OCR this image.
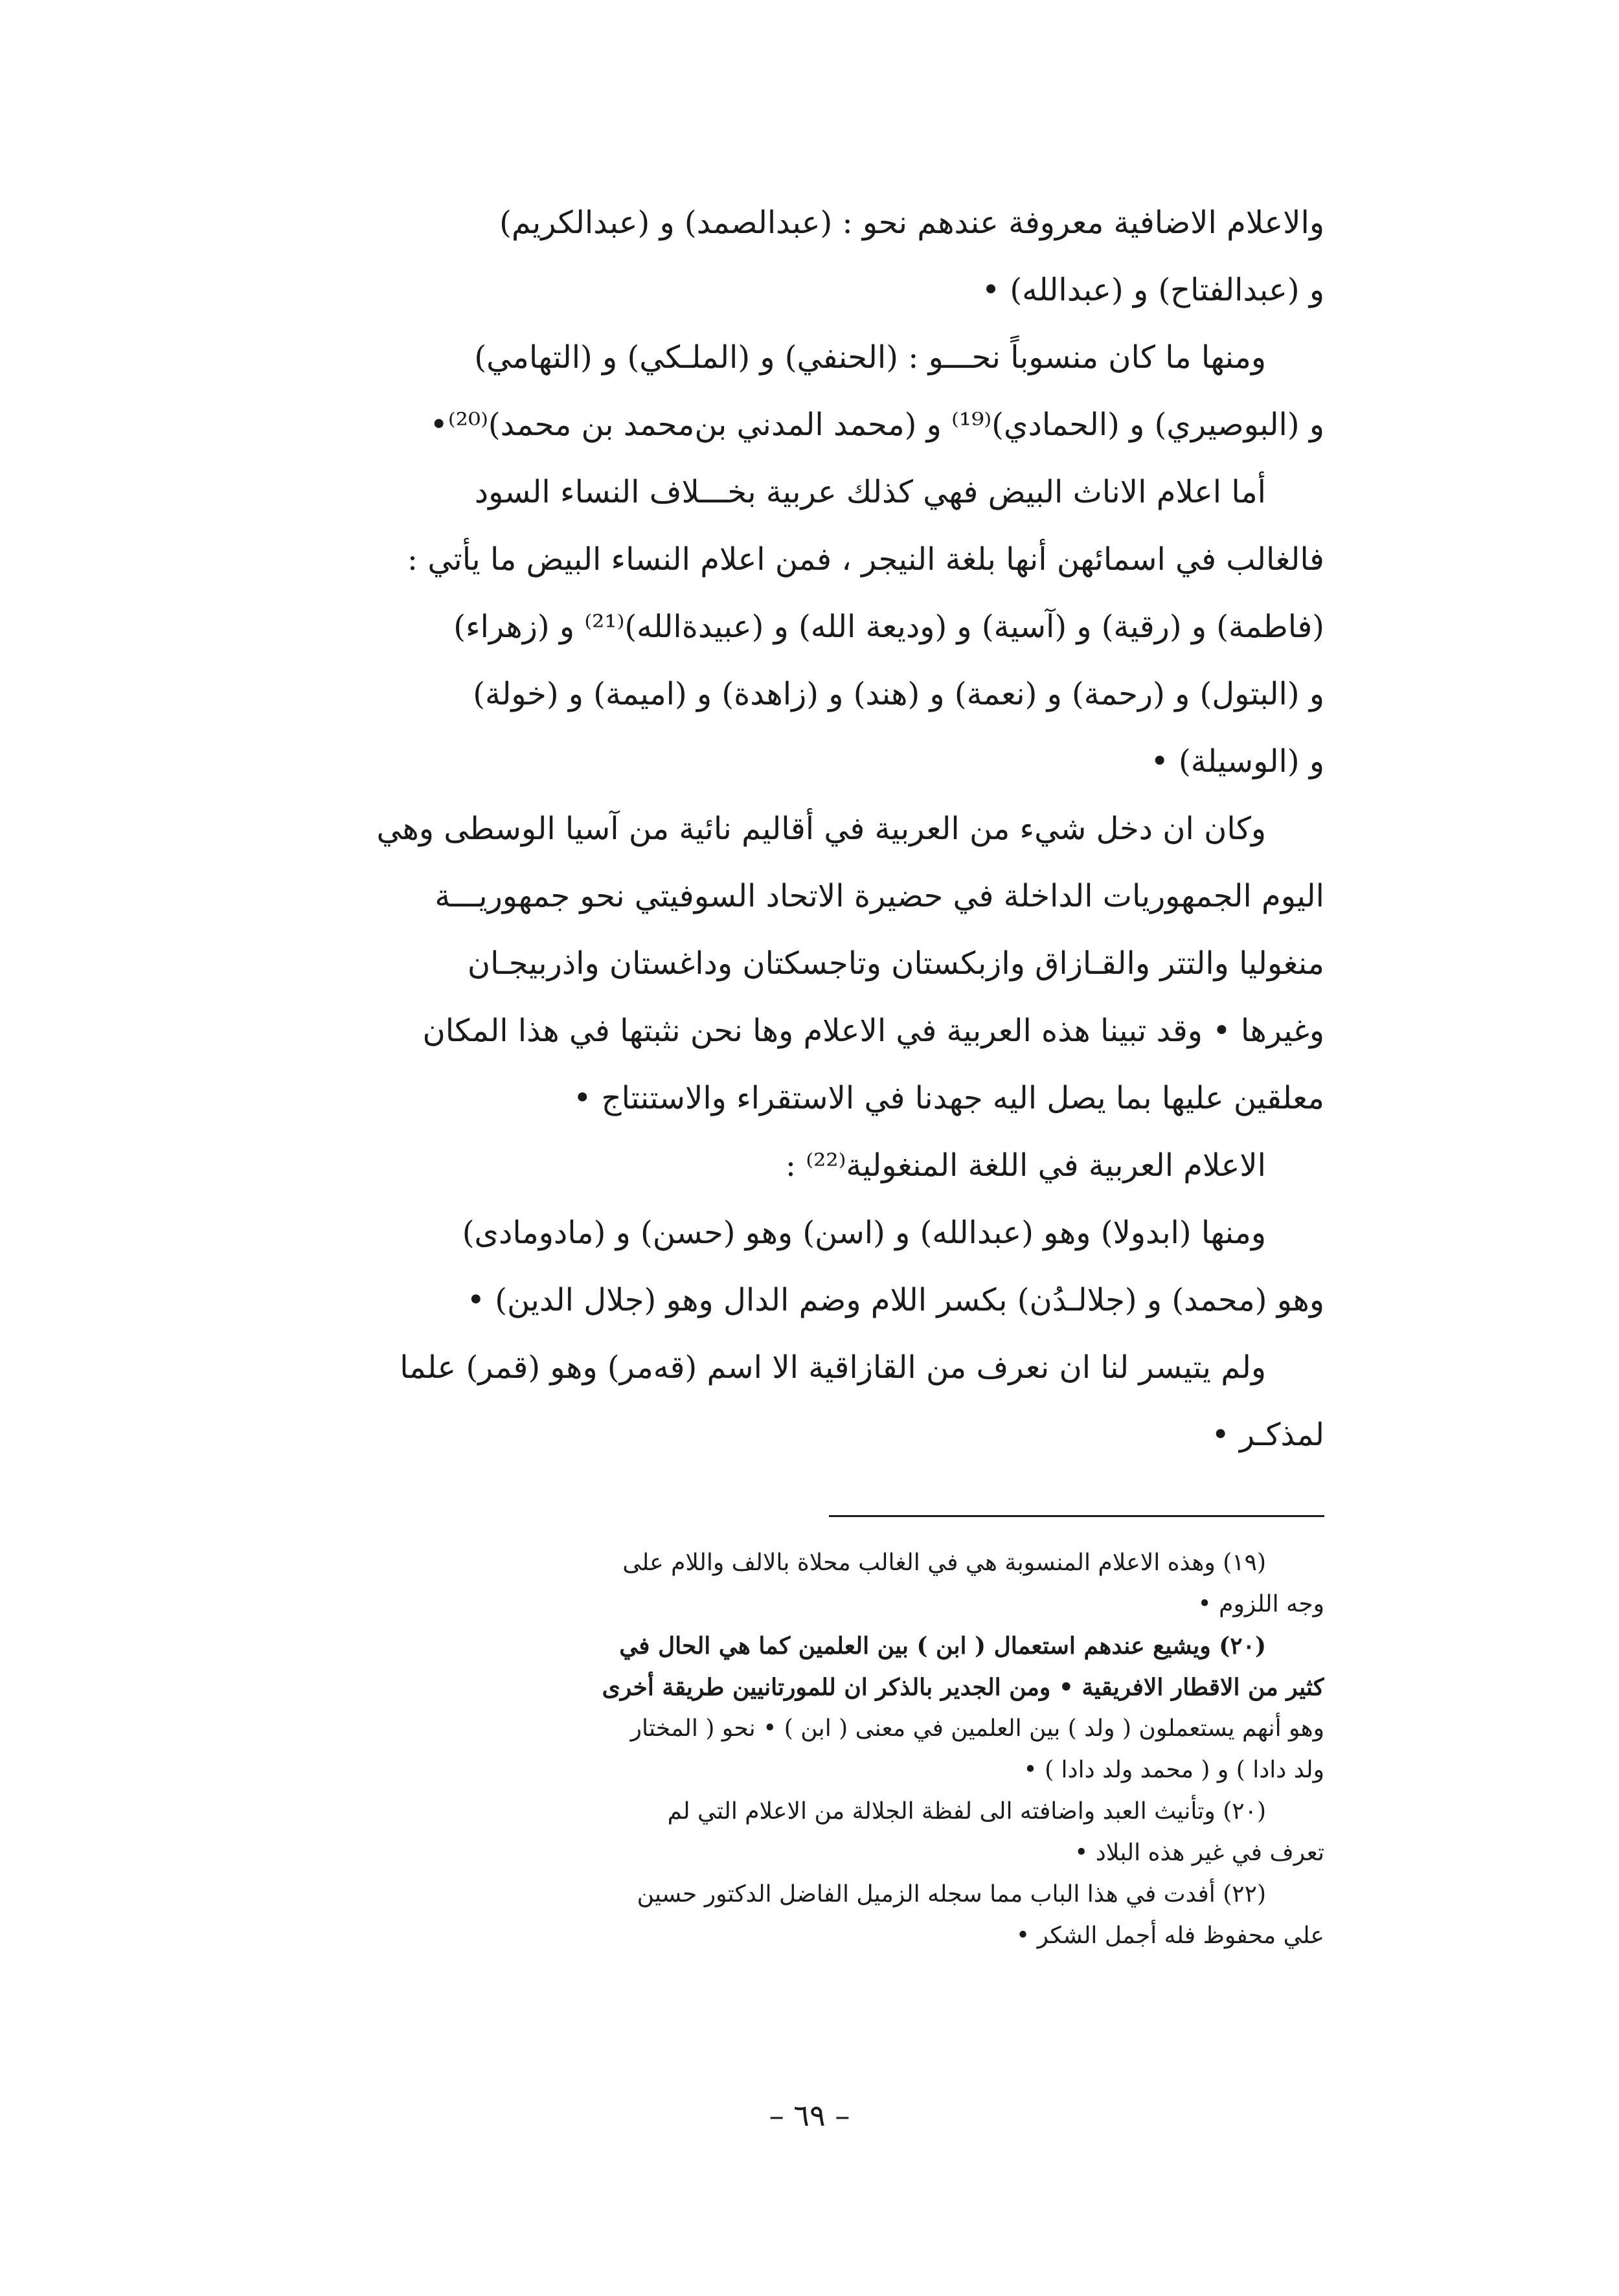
والاعلام الاضافية معروفة عندهم نحو : (عبدالصمد) و (عبدالكريم)
و (عبدالفتاح) و (عبدالله) •
ومنها ما كان منسوباً نحـــو : (الحنفي) و (الملـكي) و (التهامي)
و (البوصيري) و (الحمادي)⁽¹⁹⁾ و (محمد المدني بن‌محمد بن محمد)⁽²⁰⁾•
أما اعلام الاناث البيض فهي كذلك عربية بخـــلاف النساء السود
فالغالب في اسمائهن أنها بلغة النيجر ، فمن اعلام النساء البيض ما يأتي :
(فاطمة) و (رقية) و (آسية) و (وديعة الله) و (عبيدةالله)⁽²¹⁾ و (زهراء)
و (البتول) و (رحمة) و (نعمة) و (هند) و (زاهدة) و (اميمة) و (خولة)
و (الوسيلة) •
وكان ان دخل شيء من العربية في أقاليم نائية من آسيا الوسطى وهي
اليوم الجمهوريات الداخلة في حضيرة الاتحاد السوفيتي نحو جمهوريـــة
منغوليا والتتر والقـازاق وازبكستان وتاجسكتان وداغستان واذربيجـان
وغيرها • وقد تبينا هذه العربية في الاعلام وها نحن نثبتها في هذا المكان
معلقين عليها بما يصل اليه جهدنا في الاستقراء والاستنتاج •
الاعلام العربية في اللغة المنغولية⁽²²⁾ :
ومنها (ابدولا) وهو (عبدالله) و (اسن) وهو (حسن) و (مادومادى)
وهو (محمد) و (جلالـدُن) بكسر اللام وضم الدال وهو (جلال الدين) •
ولم يتيسر لنا ان نعرف من القازاقية الا اسم (قەمر) وهو (قمر) علما
لمذكـر •
(١٩) وهذه الاعلام المنسوبة هي في الغالب محلاة بالالف واللام على
وجه اللزوم •
(٢٠) ويشيع عندهم استعمال ( ابن ) بين العلمين كما هي الحال في
كثير من الاقطار الافريقية • ومن الجدير بالذكر ان للمورتانيين طريقة أخرى
وهو أنهم يستعملون ( ولد ) بين العلمين في معنى ( ابن ) • نحو ( المختار
ولد دادا ) و ( محمد ولد دادا ) •
(٢٠) وتأنيث العبد واضافته الى لفظة الجلالة من الاعلام التي لم
تعرف في غير هذه البلاد •
(٢٢) أفدت في هذا الباب مما سجله الزميل الفاضل الدكتور حسين
علي محفوظ فله أجمل الشكر •
– ٦٩ –
